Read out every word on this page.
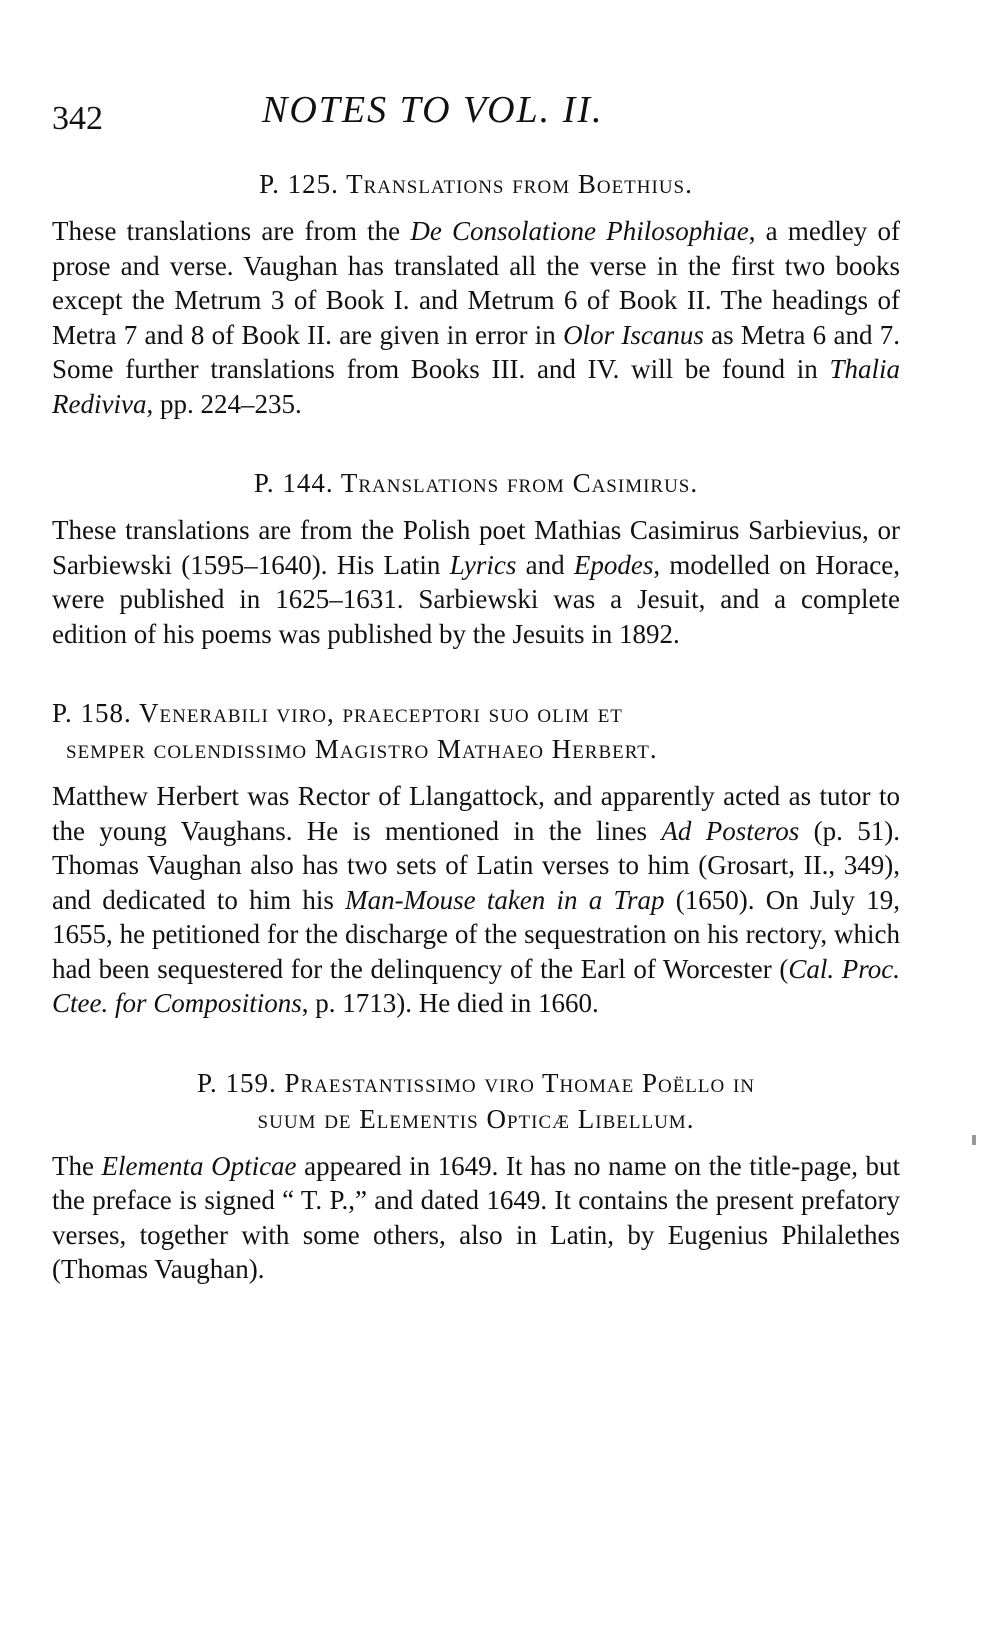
342	NOTES TO VOL. II.
P. 125. Translations from Boethius.

These translations are from the De Consolatione Philosophiae, a medley of prose and verse. Vaughan has translated all the verse in the first two books except the Metrum 3 of Book I. and Metrum 6 of Book II. The headings of Metra 7 and 8 of Book II. are given in error in Olor Iscanus as Metra 6 and 7. Some further translations from Books III. and IV. will be found in Thalia Rediviva, pp. 224–235.

P. 144. Translations from Casimirus.

These translations are from the Polish poet Mathias Casimirus Sarbievius, or Sarbiewski (1595–1640). His Latin Lyrics and Epodes, modelled on Horace, were published in 1625–1631. Sarbiewski was a Jesuit, and a complete edition of his poems was published by the Jesuits in 1892.

P. 158. Venerabili viro, praeceptori suo olim et
semper colendissimo Magistro Mathaeo Herbert.

Matthew Herbert was Rector of Llangattock, and apparently acted as tutor to the young Vaughans. He is mentioned in the lines Ad Posteros (p. 51). Thomas Vaughan also has two sets of Latin verses to him (Grosart, II., 349), and dedicated to him his Man-Mouse taken in a Trap (1650). On July 19, 1655, he petitioned for the discharge of the sequestration on his rectory, which had been sequestered for the delinquency of the Earl of Worcester (Cal. Proc. Ctee. for Compositions, p. 1713). He died in 1660.

P. 159. Praestantissimo viro Thomae Poëllo in
suum de Elementis Opticæ Libellum.

The Elementa Opticae appeared in 1649. It has no name on the title-page, but the preface is signed “ T. P.,” and dated 1649. It contains the present prefatory verses, together with some others, also in Latin, by Eugenius Philalethes (Thomas Vaughan).
